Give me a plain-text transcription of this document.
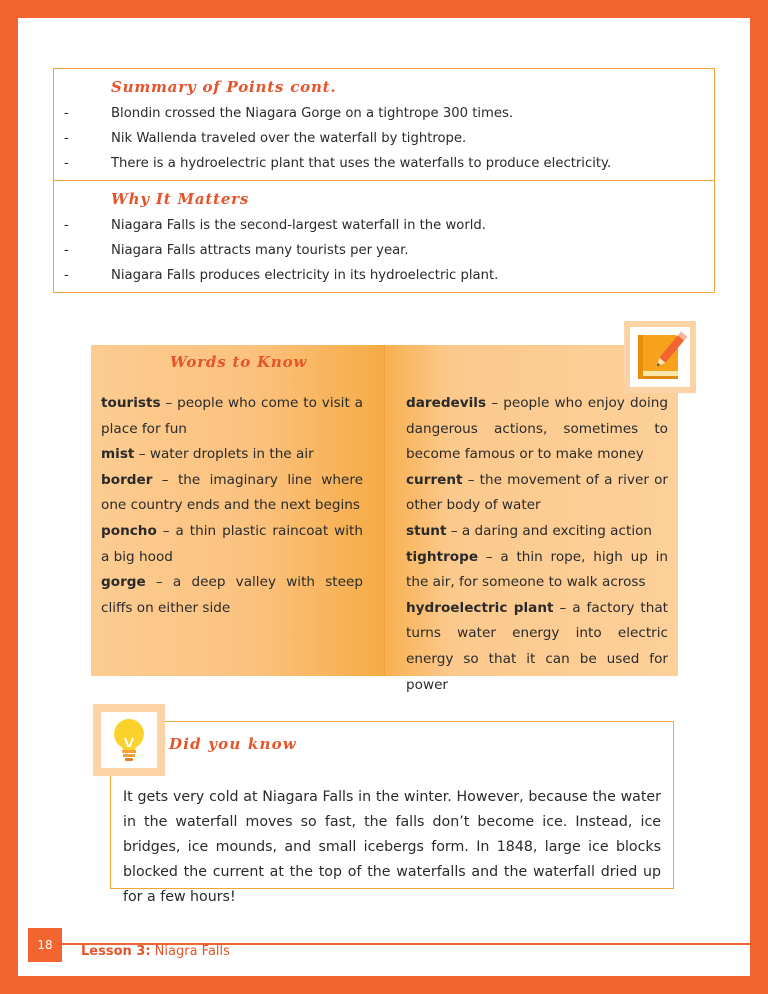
Summary of Points cont.
-	Blondin crossed the Niagara Gorge on a tightrope 300 times.
-	Nik Wallenda traveled over the waterfall by tightrope.
-	There is a hydroelectric plant that uses the waterfalls to produce electricity.
Why It Matters
-	Niagara Falls is the second-largest waterfall in the world.
-	Niagara Falls attracts many tourists per year.
-	Niagara Falls produces electricity in its hydroelectric plant.
Words to Know

tourists – people who come to visit a place for fun

mist – water droplets in the air

border – the imaginary line where one country ends and the next begins

poncho – a thin plastic raincoat with a big hood

gorge – a deep valley with steep cliffs on either side

daredevils – people who enjoy doing dangerous actions, sometimes to become famous or to make money

current – the movement of a river or other body of water

stunt – a daring and exciting action

tightrope – a thin rope, high up in the air, for someone to walk across

hydroelectric plant – a factory that turns water energy into electric energy so that it can be used for power

Did you know
It gets very cold at Niagara Falls in the winter. However, because the water in the waterfall moves so fast, the falls don’t become ice. Instead, ice bridges, ice mounds, and small icebergs form. In 1848, large ice blocks blocked the current at the top of the waterfalls and the waterfall dried up for a few hours!
18	Lesson 3: Niagra Falls
